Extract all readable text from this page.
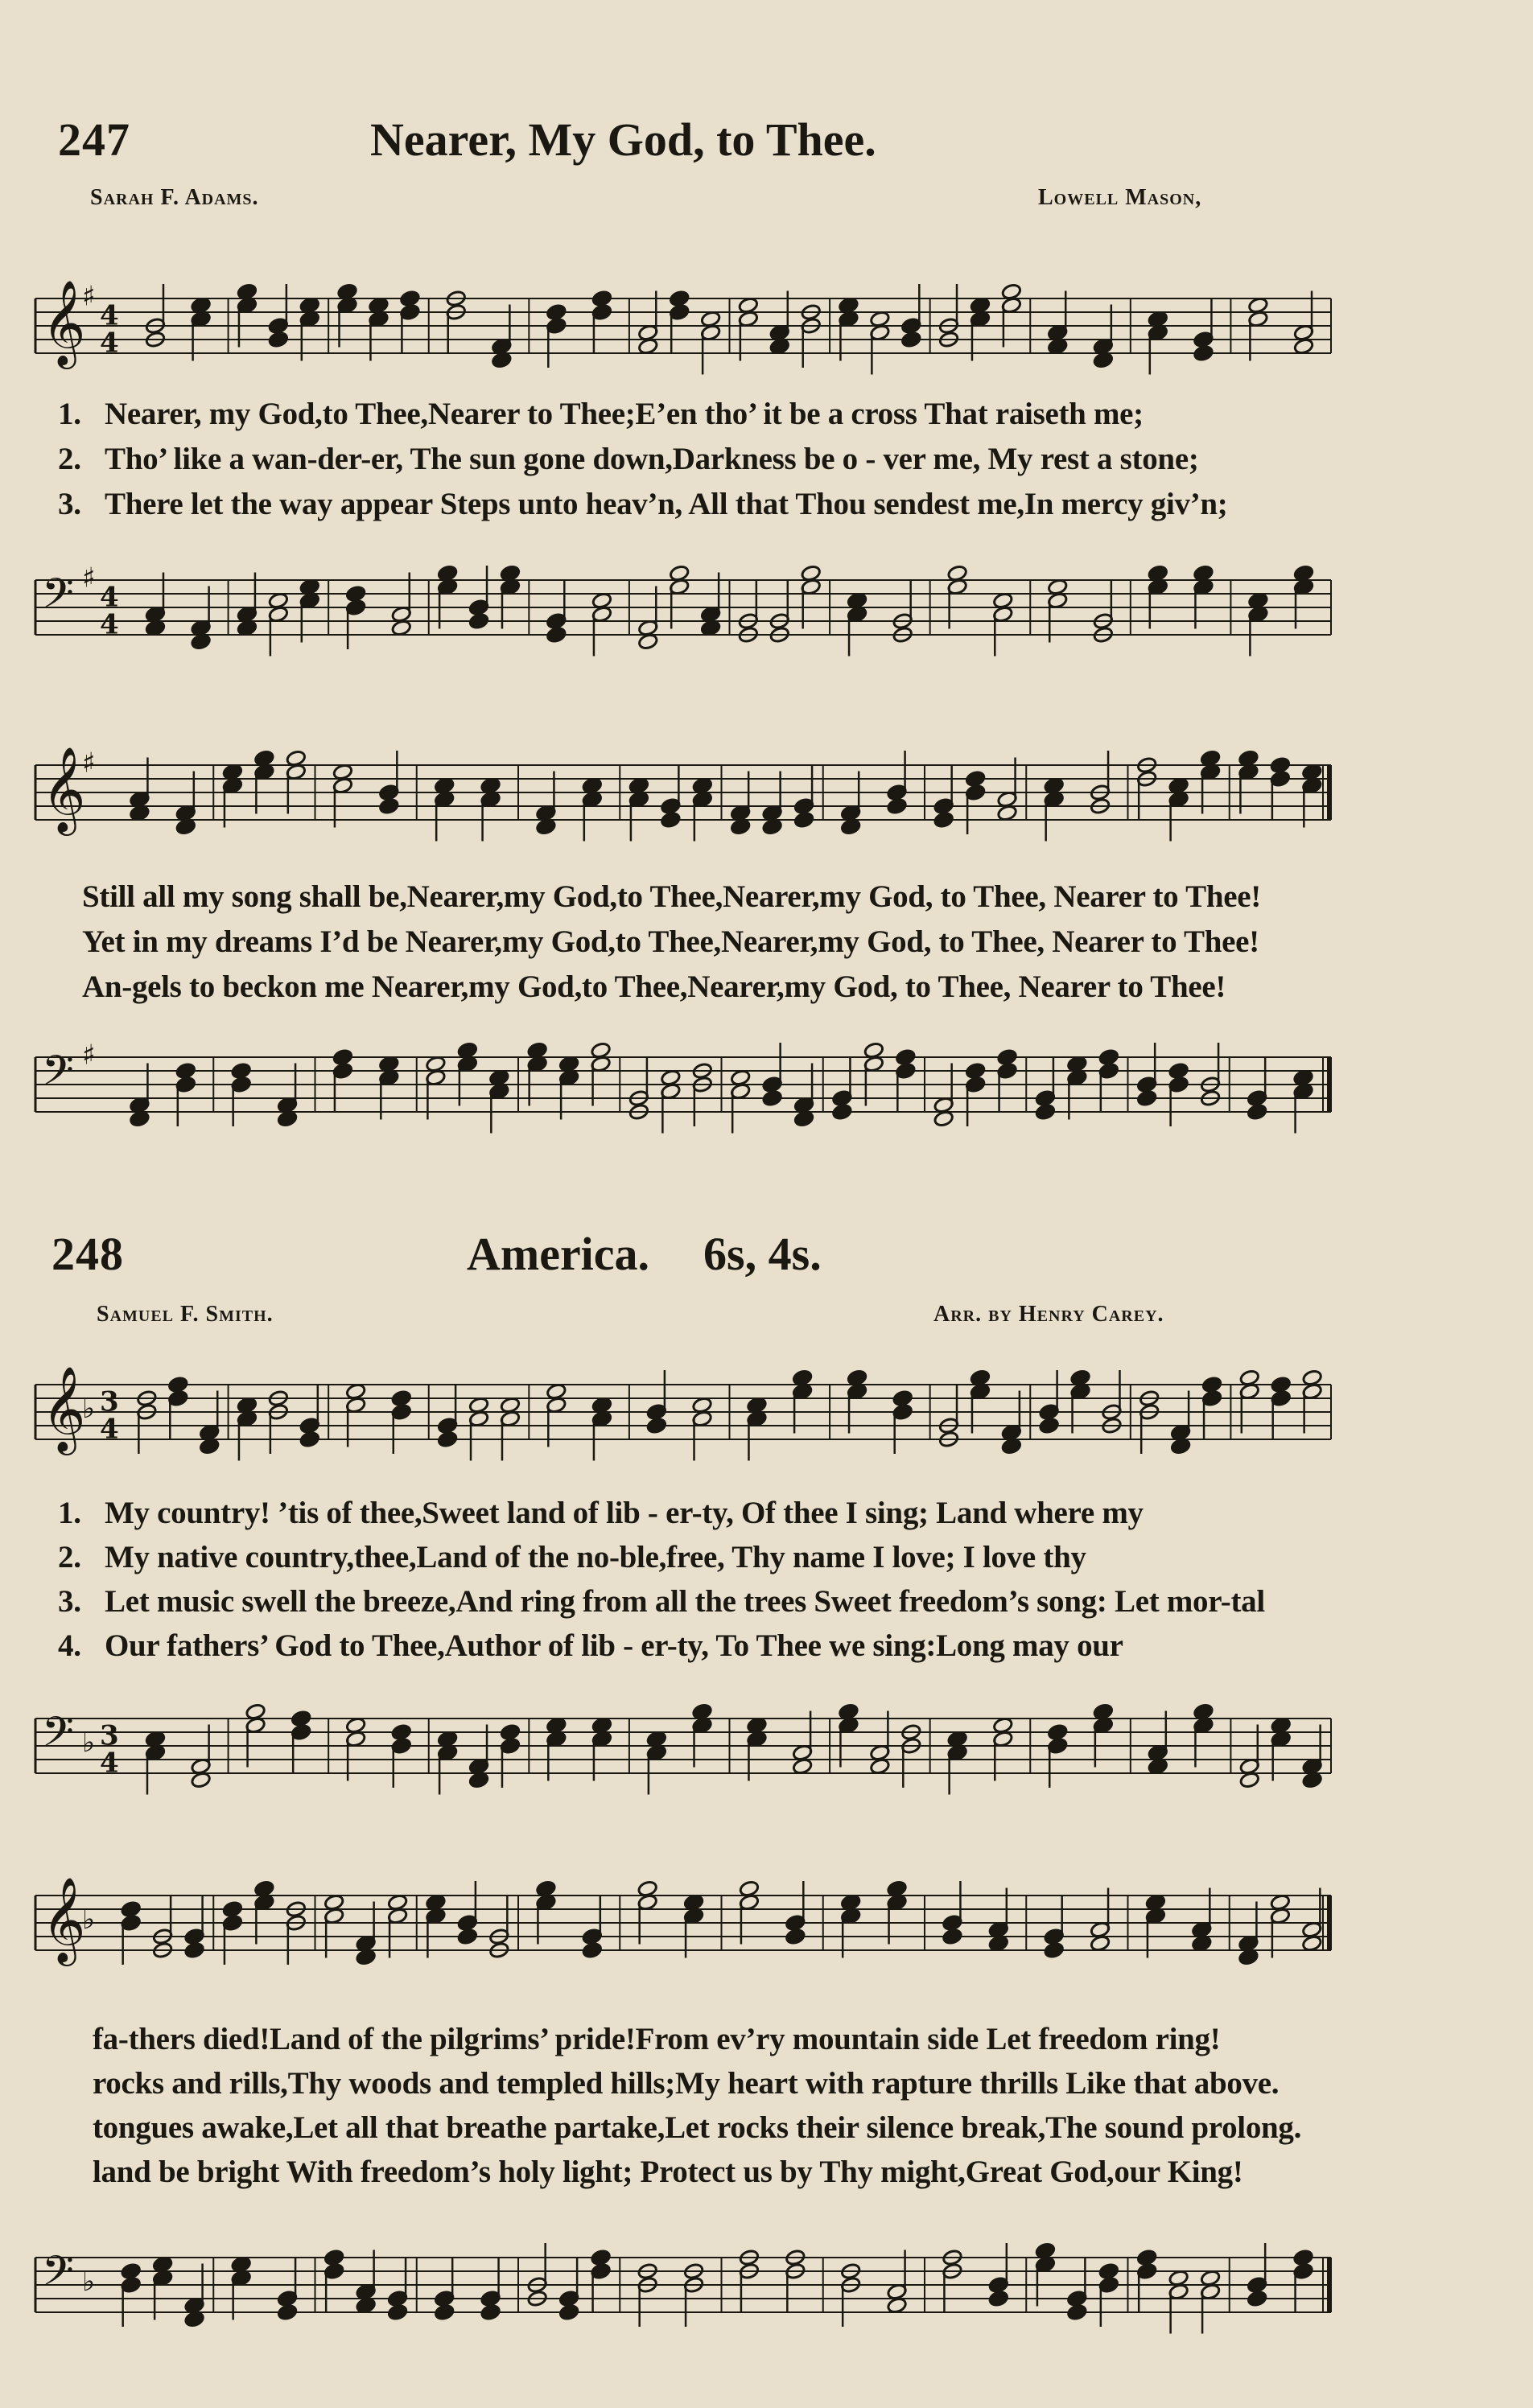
247	Nearer, My God, to Thee.
Sarah F. Adams.	Lowell Mason,
𝄞
♯
4
4
1. Nearer, my God,to Thee,Nearer to Thee;E’en tho’ it be a cross That raiseth me;
2. Tho’ like a wan-der-er, The sun gone down,Darkness be o - ver me, My rest a stone;
3. There let the way appear Steps unto heav’n, All that Thou sendest me,In mercy giv’n;
𝄢 ♯
4
4
𝄞
♯
Still all my song shall be,Nearer,my God,to Thee,Nearer,my God, to Thee, Nearer to Thee!
Yet in my dreams I’d be Nearer,my God,to Thee,Nearer,my God, to Thee, Nearer to Thee!
An-gels to beckon me Nearer,my God,to Thee,Nearer,my God, to Thee, Nearer to Thee!
𝄢 ♯
248	America. 6s, 4s.
Samuel F. Smith.	Arr. by Henry Carey.
𝄞
♭ 3
4
1. My country! ’tis of thee,Sweet land of lib - er-ty, Of thee I sing; Land where my
2. My native country,thee,Land of the no-ble,free, Thy name I love; I love thy
3. Let music swell the breeze,And ring from all the trees Sweet freedom’s song: Let mor-tal
4. Our fathers’ God to Thee,Author of lib - er-ty, To Thee we sing:Long may our
𝄢 ♭ 3
4
𝄞
♭
fa-thers died!Land of the pilgrims’ pride!From ev’ry mountain side Let freedom ring!
rocks and rills,Thy woods and templed hills;My heart with rapture thrills Like that above.
tongues awake,Let all that breathe partake,Let rocks their silence break,The sound prolong.
land be bright With freedom’s holy light; Protect us by Thy might,Great God,our King!
𝄢 ♭
